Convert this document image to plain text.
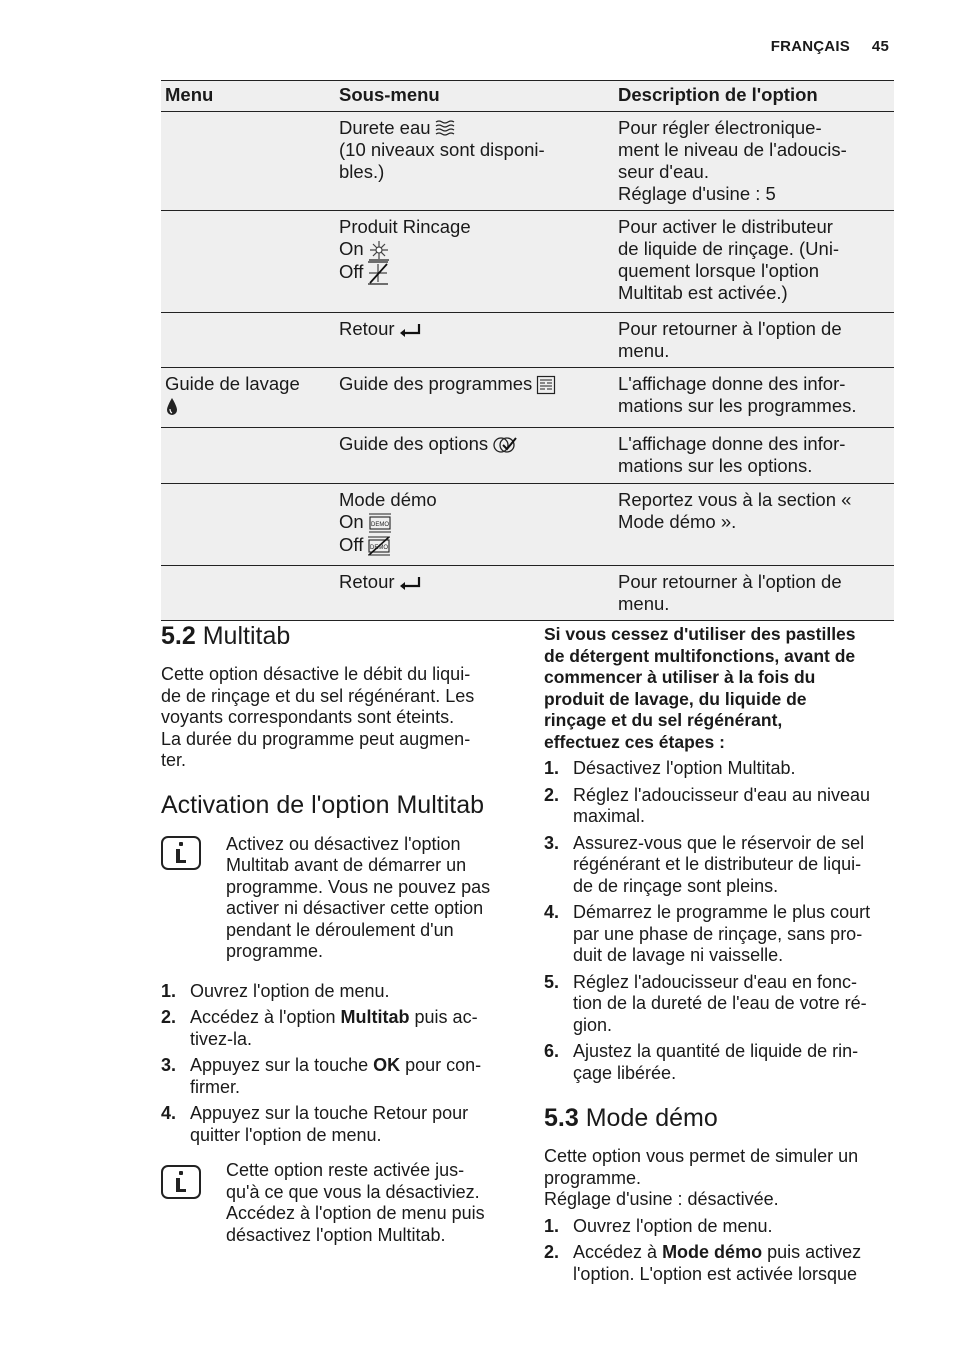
FRANÇAIS 45
Menu	Sous-menu	Description de l'option
	Durete eau
(10 niveaux sont disponi-
bles.)	Pour régler électronique-
ment le niveau de l'adoucis-
seur d'eau.
Réglage d'usine : 5
	Produit Rincage
On
Off	Pour activer le distributeur
de liquide de rinçage. (Uni-
quement lorsque l'option
Multitab est activée.)
	Retour	Pour retourner à l'option de
menu.
Guide de lavage	Guide des programmes	L'affichage donne des infor-
mations sur les programmes.
	Guide des options	L'affichage donne des infor-
mations sur les options.
	Mode démo
On DEMO

Off DEMO	Reportez vous à la section «
Mode démo ».
	Retour	Pour retourner à l'option de
menu.
5.2 Multitab

Cette option désactive le débit du liqui-
de de rinçage et du sel régénérant. Les
voyants correspondants sont éteints.
La durée du programme peut augmen-
ter.

Activation de l'option Multitab
Activez ou désactivez l'option
Multitab avant de démarrer un
programme. Vous ne pouvez pas
activer ni désactiver cette option
pendant le déroulement d'un
programme.
1. Ouvrez l'option de menu.
2. Accédez à l'option Multitab puis ac-
tivez-la.
3. Appuyez sur la touche OK pour con-
firmer.
4. Appuyez sur la touche Retour pour
quitter l'option de menu.
Cette option reste activée jus-
qu'à ce que vous la désactiviez.
Accédez à l'option de menu puis
désactivez l'option Multitab.

Si vous cessez d'utiliser des pastilles
de détergent multifonctions, avant de
commencer à utiliser à la fois du
produit de lavage, du liquide de
rinçage et du sel régénérant,
effectuez ces étapes :

1. Désactivez l'option Multitab.
2. Réglez l'adoucisseur d'eau au niveau
maximal.
3. Assurez-vous que le réservoir de sel
régénérant et le distributeur de liqui-
de de rinçage sont pleins.
4. Démarrez le programme le plus court
par une phase de rinçage, sans pro-
duit de lavage ni vaisselle.
5. Réglez l'adoucisseur d'eau en fonc-
tion de la dureté de l'eau de votre ré-
gion.
6. Ajustez la quantité de liquide de rin-
çage libérée.
5.3 Mode démo

Cette option vous permet de simuler un
programme.
Réglage d'usine : désactivée.

1. Ouvrez l'option de menu.
2. Accédez à Mode démo puis activez
l'option. L'option est activée lorsque
